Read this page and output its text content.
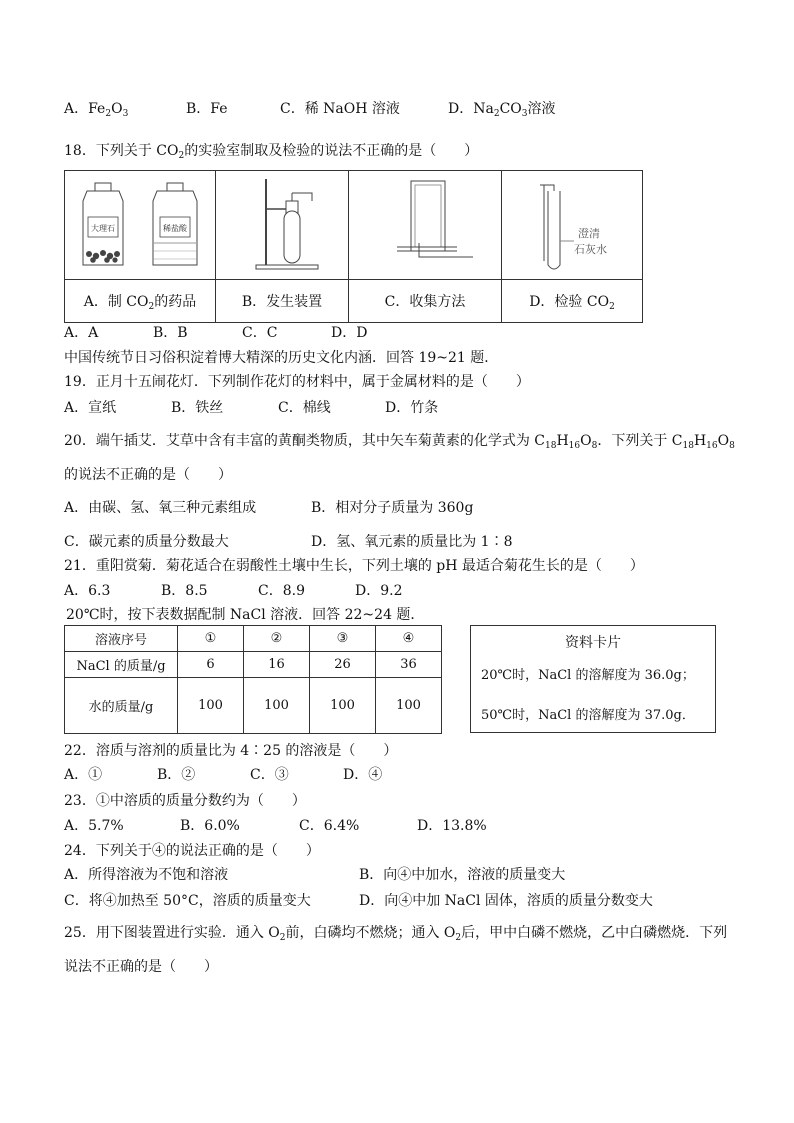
A．$Fe_2O_3$	B．Fe	C．稀 NaOH 溶液	D．$Na_2CO_3$溶液
18．下列关于 $CO_2$的实验室制取及检验的说法不正确的是（　　）
大理石 稀盐酸			澄清
石灰水

A．制 $CO_2$的药品	B．发生装置	C．收集方法	D．检验 $CO_2$
A．A	B．B	C．C	D．D
中国传统节日习俗积淀着博大精深的历史文化内涵．回答 19~21 题．
19．正月十五闹花灯．下列制作花灯的材料中，属于金属材料的是（　　）
A．宣纸	B．铁丝	C．棉线	D．竹条
20．端午插艾．艾草中含有丰富的黄酮类物质，其中矢车菊黄素的化学式为 $C_{18}H_{16}O_8$．下列关于 $C_{18}H_{16}O_8$
的说法不正确的是（　　）
A．由碳、氢、氧三种元素组成	B．相对分子质量为 360g
C．碳元素的质量分数最大	D．氢、氧元素的质量比为 1∶8
21．重阳赏菊．菊花适合在弱酸性土壤中生长，下列土壤的 pH 最适合菊花生长的是（　　）
A．6.3	B．8.5	C．8.9	D．9.2
20℃时，按下表数据配制 NaCl 溶液．回答 22~24 题．
溶液序号	①	②	③	④
NaCl 的质量/g	6	16	26	36
水的质量/g	100	100	100	100
资料卡片
20℃时，NaCl 的溶解度为 36.0g；
50℃时，NaCl 的溶解度为 37.0g．
22．溶质与溶剂的质量比为 4∶25 的溶液是（　　）
A．①	B．②	C．③	D．④
23．①中溶质的质量分数约为（　　）
A．5.7%	B．6.0%	C．6.4%	D．13.8%
24．下列关于④的说法正确的是（　　）
A．所得溶液为不饱和溶液	B．向④中加水，溶液的质量变大
C．将④加热至 50°C，溶质的质量变大	D．向④中加 NaCl 固体，溶质的质量分数变大
25．用下图装置进行实验．通入 $O_2$前，白磷均不燃烧；通入 $O_2$后，甲中白磷不燃烧，乙中白磷燃烧．下列
说法不正确的是（　　）
